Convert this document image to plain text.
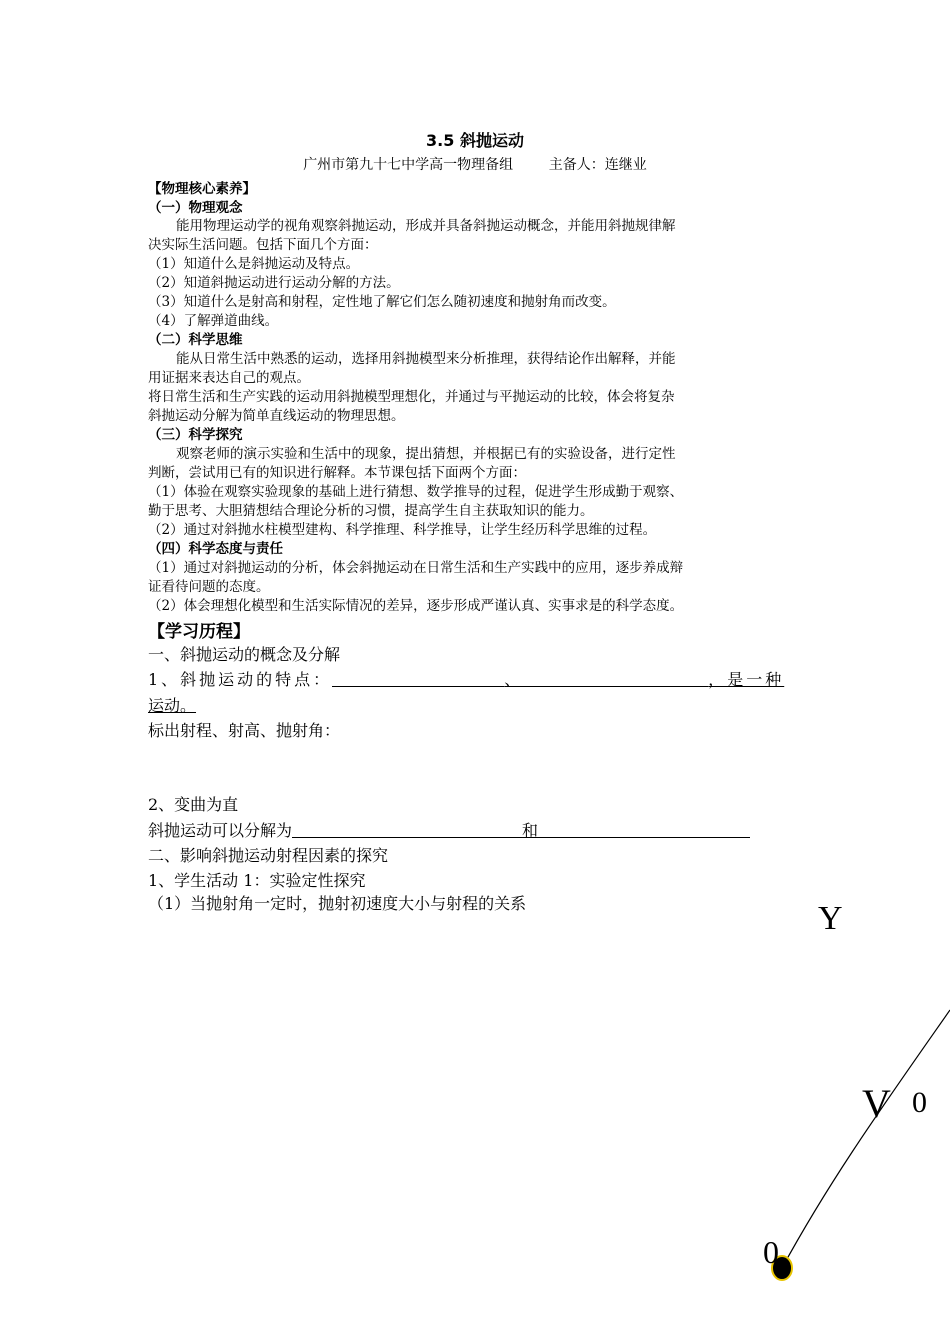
3.5 斜抛运动
广州市第九十七中学高一物理备组	主备人：连继业
【物理核心素养】
（一）物理观念
能用物理运动学的视角观察斜抛运动，形成并具备斜抛运动概念，并能用斜抛规律解
决实际生活问题。包括下面几个方面：
（1）知道什么是斜抛运动及特点。
（2）知道斜抛运动进行运动分解的方法。
（3）知道什么是射高和射程，定性地了解它们怎么随初速度和抛射角而改变。
（4）了解弹道曲线。
（二）科学思维
能从日常生活中熟悉的运动，选择用斜抛模型来分析推理，获得结论作出解释，并能
用证据来表达自己的观点。
将日常生活和生产实践的运动用斜抛模型理想化，并通过与平抛运动的比较，体会将复杂
斜抛运动分解为简单直线运动的物理思想。
（三）科学探究
观察老师的演示实验和生活中的现象，提出猜想，并根据已有的实验设备，进行定性
判断，尝试用已有的知识进行解释。本节课包括下面两个方面：
（1）体验在观察实验现象的基础上进行猜想、数学推导的过程，促进学生形成勤于观察、
勤于思考、大胆猜想结合理论分析的习惯，提高学生自主获取知识的能力。
（2）通过对斜抛水柱模型建构、科学推理、科学推导，让学生经历科学思维的过程。
（四）科学态度与责任
（1）通过对斜抛运动的分析，体会斜抛运动在日常生活和生产实践中的应用，逐步养成辩
证看待问题的态度。
（2）体会理想化模型和生活实际情况的差异，逐步形成严谨认真、实事求是的科学态度。
【学习历程】
一、斜抛运动的概念及分解
1、斜抛运动的特点：	、	，是一种
运动。
标出射程、射高、抛射角：
2、变曲为直
斜抛运动可以分解为	和
二、影响斜抛运动射程因素的探究
1、学生活动 1：实验定性探究
（1）当抛射角一定时，抛射初速度大小与射程的关系	Y
V 0
0
